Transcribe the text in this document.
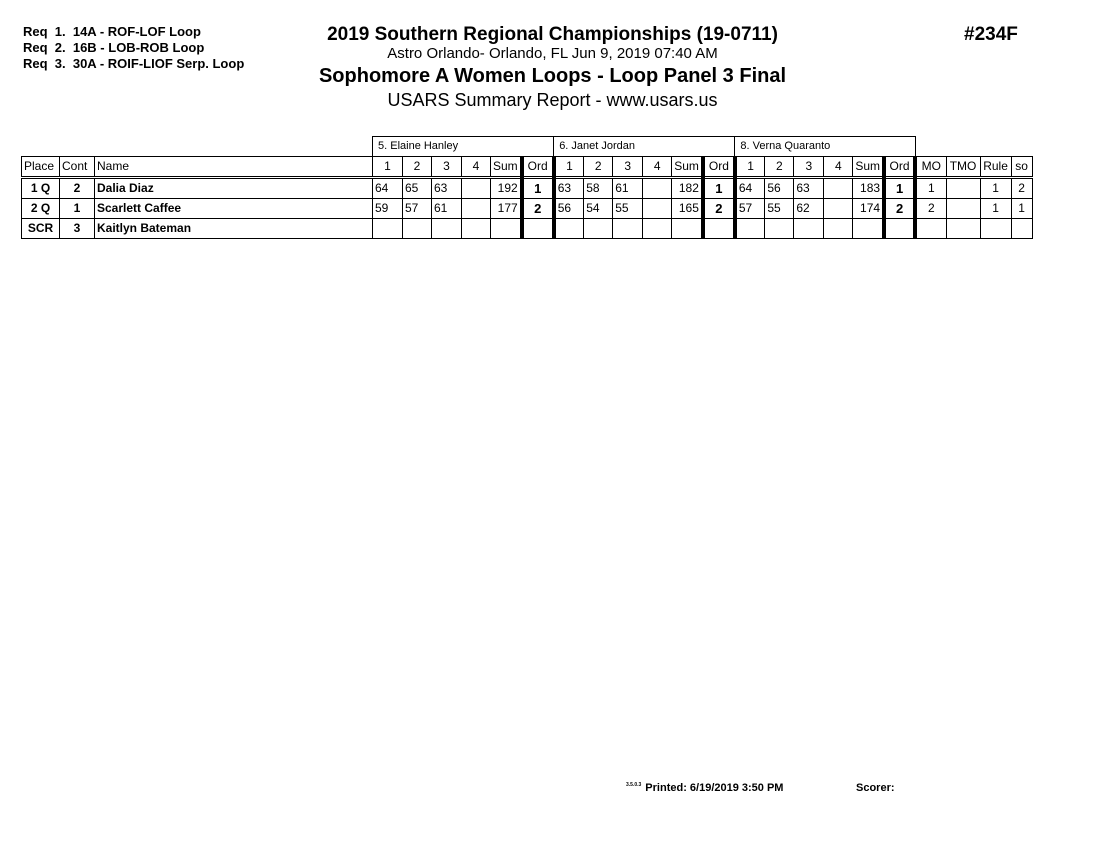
Req  1.  14A - ROF-LOF Loop
Req  2.  16B - LOB-ROB Loop
Req  3.  30A - ROIF-LIOF Serp. Loop
2019 Southern Regional Championships (19-0711)
Astro Orlando- Orlando, FL Jun 9, 2019 07:40 AM
Sophomore A Women Loops - Loop Panel 3 Final
USARS Summary Report - www.usars.us
#234F
			5. Elaine Hanley						6. Janet Jordan						8. Verna Quaranto									
Place	Cont	Name	1	2	3	4	Sum	Ord	1	2	3	4	Sum	Ord	1	2	3	4	Sum	Ord	MO	TMO	Rule	so
1 Q	2	Dalia Diaz	64	65	63		192	1	63	58	61		182	1	64	56	63		183	1	1		1	2
2 Q	1	Scarlett Caffee	59	57	61		177	2	56	54	55		165	2	57	55	62		174	2	2		1	1
SCR	3	Kaitlyn Bateman																						
$^{3.5.0.3}$ Printed: 6/19/2019 3:50 PM	Scorer:
